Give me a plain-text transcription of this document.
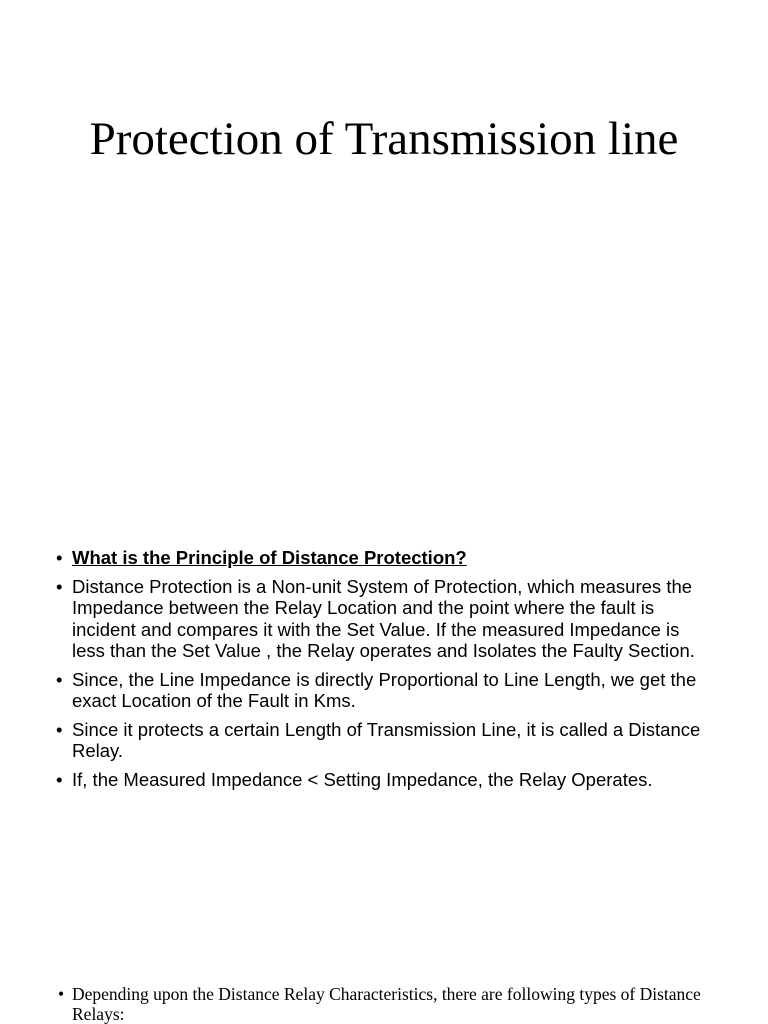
Protection of Transmission line
• What is the Principle of Distance Protection?
• Distance Protection is a Non-unit System of Protection, which measures the Impedance between the Relay Location and the point where the fault is incident and compares it with the Set Value. If the measured Impedance is less than the Set Value , the Relay operates and Isolates the Faulty Section.
• Since, the Line Impedance is directly Proportional to Line Length, we get the exact Location of the Fault in Kms.
• Since it protects a certain Length of Transmission Line, it is called a Distance Relay.
• If, the Measured Impedance < Setting Impedance, the Relay Operates.
• Depending upon the Distance Relay Characteristics, there are following types of Distance Relays:
